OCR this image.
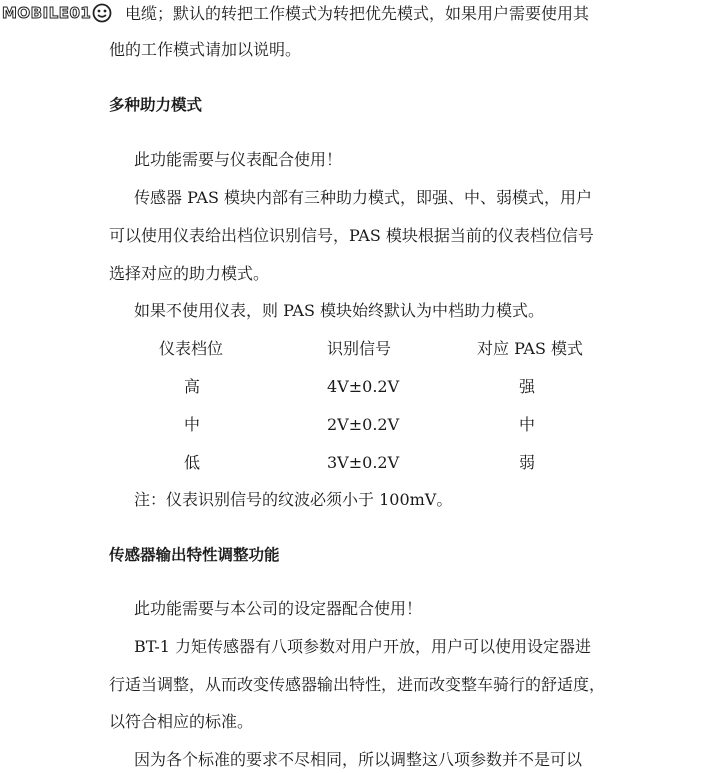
MOBILE01 电缆；默认的转把工作模式为转把优先模式，如果用户需要使用其
他的工作模式请加以说明。
多种助力模式
此功能需要与仪表配合使用！
传感器 PAS 模块内部有三种助力模式，即强、中、弱模式，用户
可以使用仪表给出档位识别信号，PAS 模块根据当前的仪表档位信号
选择对应的助力模式。
如果不使用仪表，则 PAS 模块始终默认为中档助力模式。
仪表档位	识别信号	对应 PAS 模式
高	4V±0.2V	强
中	2V±0.2V	中
低	3V±0.2V	弱
注：仪表识别信号的纹波必须小于 100mV。
传感器输出特性调整功能
此功能需要与本公司的设定器配合使用！
BT-1 力矩传感器有八项参数对用户开放，用户可以使用设定器进
行适当调整，从而改变传感器输出特性，进而改变整车骑行的舒适度，
以符合相应的标准。
因为各个标准的要求不尽相同，所以调整这八项参数并不是可以
